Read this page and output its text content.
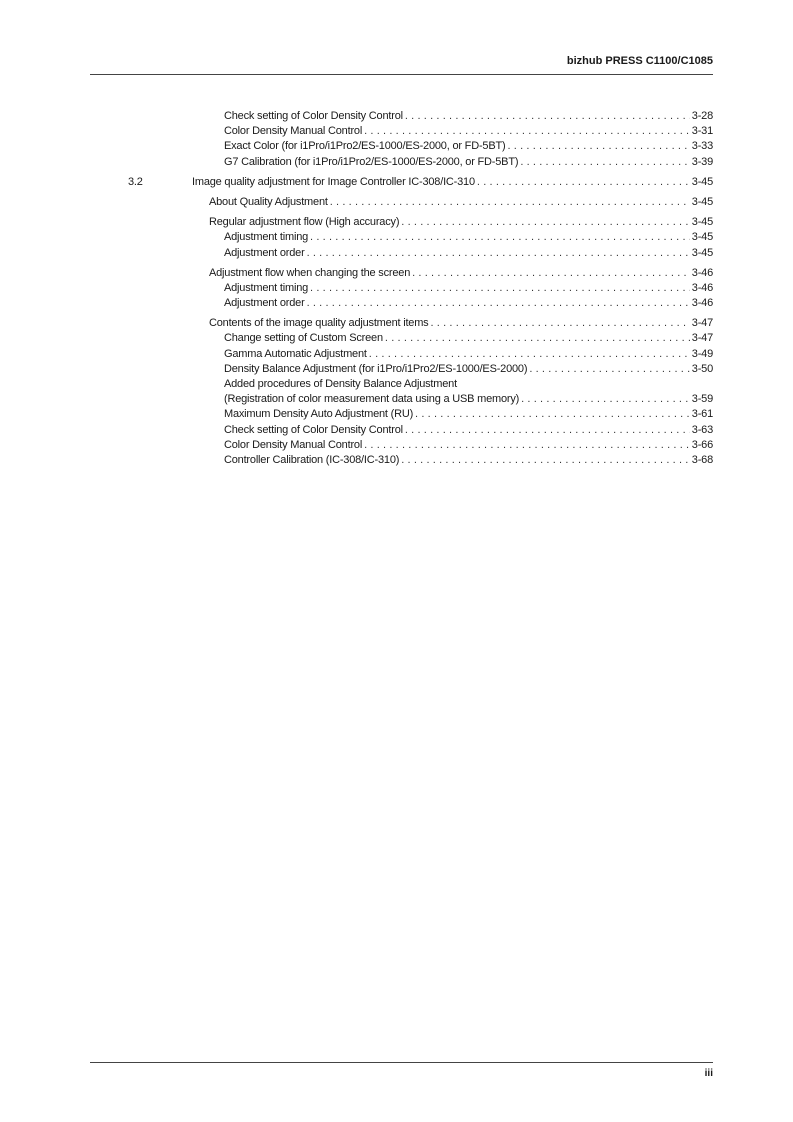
bizhub PRESS C1100/C1085
Check setting of Color Density Control . . .	3-28
Color Density Manual Control . . .	3-31
Exact Color (for i1Pro/i1Pro2/ES-1000/ES-2000, or FD-5BT) . . .	3-33
G7 Calibration (for i1Pro/i1Pro2/ES-1000/ES-2000, or FD-5BT) . . .	3-39
3.2	Image quality adjustment for Image Controller IC-308/IC-310 . . .	3-45
About Quality Adjustment . . .	3-45
Regular adjustment flow (High accuracy) . . .	3-45
Adjustment timing . . .	3-45
Adjustment order . . .	3-45
Adjustment flow when changing the screen . . .	3-46
Adjustment timing . . .	3-46
Adjustment order . . .	3-46
Contents of the image quality adjustment items . . .	3-47
Change setting of Custom Screen . . .	3-47
Gamma Automatic Adjustment . . .	3-49
Density Balance Adjustment (for i1Pro/i1Pro2/ES-1000/ES-2000) . . .	3-50
Added procedures of Density Balance Adjustment
(Registration of color measurement data using a USB memory) . . .	3-59
Maximum Density Auto Adjustment (RU) . . .	3-61
Check setting of Color Density Control . . .	3-63
Color Density Manual Control . . .	3-66
Controller Calibration (IC-308/IC-310) . . .	3-68
iii
